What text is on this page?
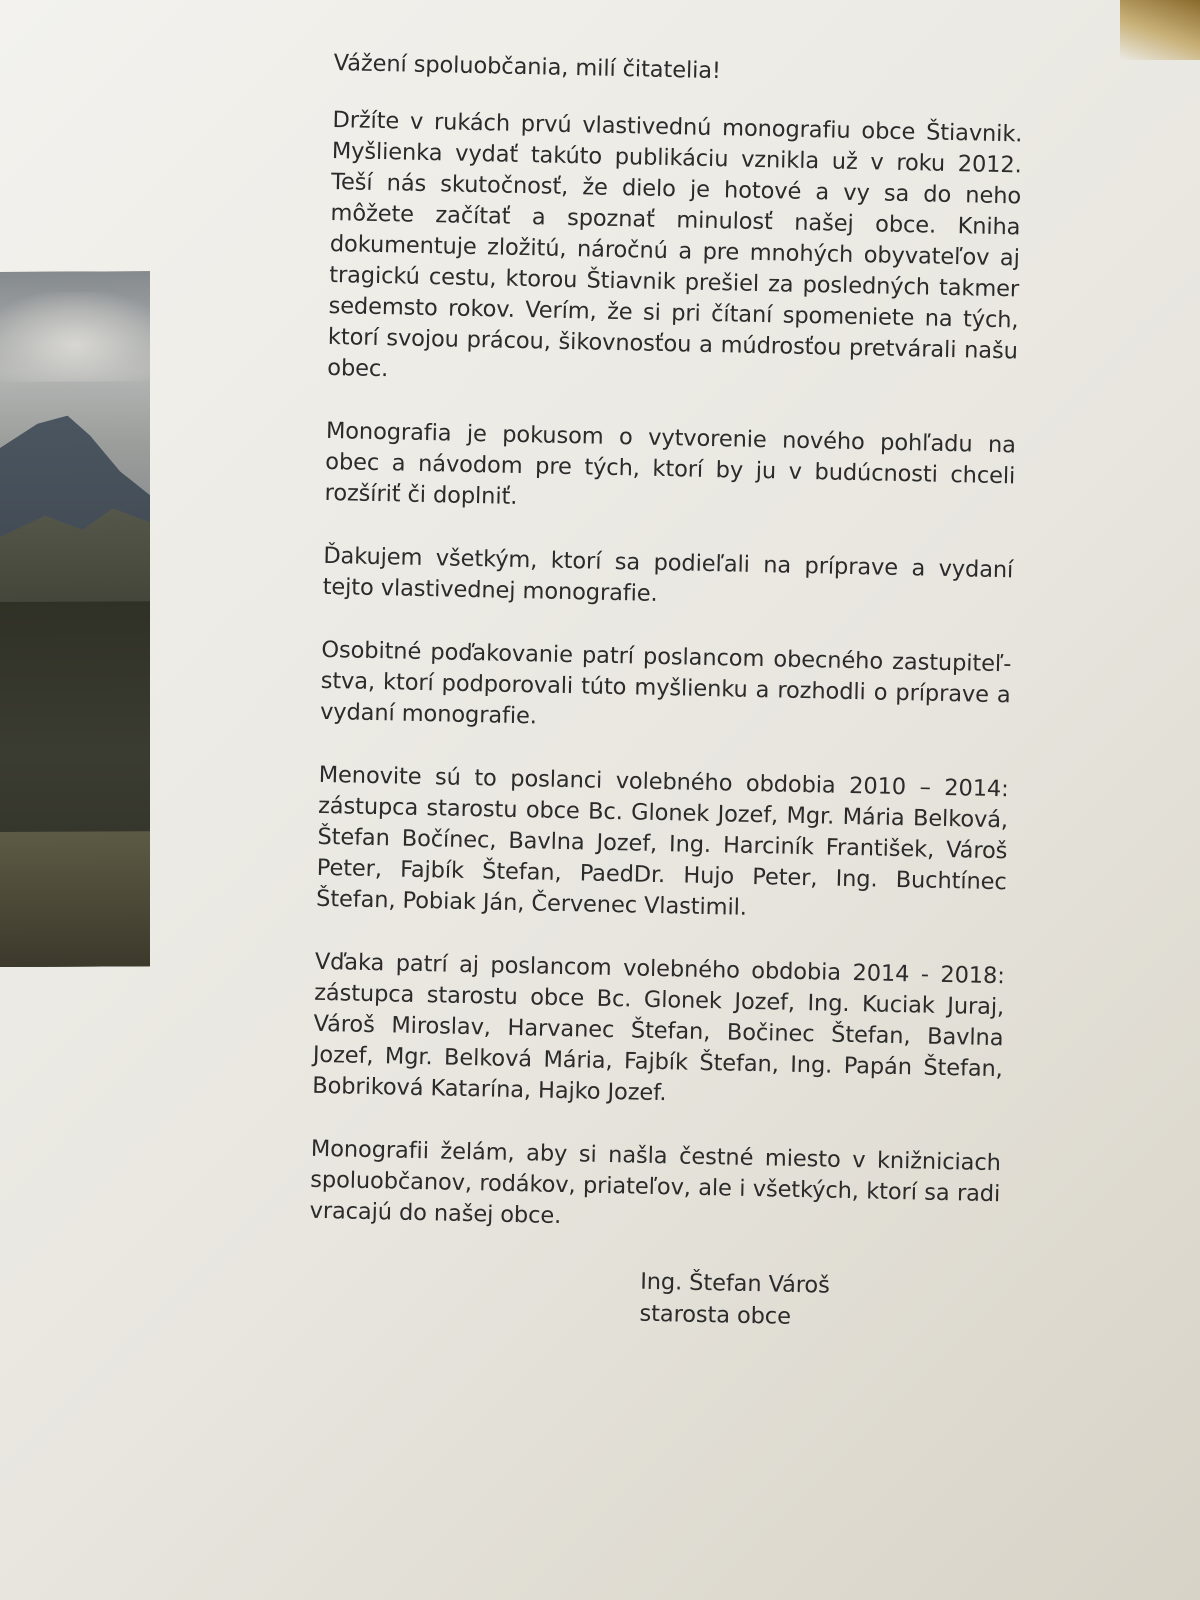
Vážení spoluobčania, milí čitatelia!

Držíte v rukách prvú vlastivednú monografiu obce Štiavnik. Myšlienka vydať takúto publikáciu vznikla už v roku 2012. Teší nás skutočnosť, že dielo je hotové a vy sa do neho môžete začítať a spoznať minulosť našej obce. Kniha dokumentuje zložitú, náročnú a pre mnohých obyvateľov aj tragickú cestu, ktorou Štiavnik prešiel za posledných takmer sedemsto rokov. Verím, že si pri čítaní spomeniete na tých, ktorí svojou prácou, šikovnosťou a múdrosťou pretvárali našu obec.

Monografia je pokusom o vytvorenie nového pohľadu na obec a návodom pre tých, ktorí by ju v budúcnosti chceli rozšíriť či doplniť.

Ďakujem všetkým, ktorí sa podieľali na príprave a vydaní tejto vlastivednej monografie.

Osobitné poďakovanie patrí poslancom obecného zastupiteľ-stva, ktorí podporovali túto myšlienku a rozhodli o príprave a vydaní monografie.

Menovite sú to poslanci volebného obdobia 2010 – 2014: zástupca starostu obce Bc. Glonek Jozef, Mgr. Mária Belková, Štefan Bočínec, Bavlna Jozef, Ing. Harciník František, Vároš Peter, Fajbík Štefan, PaedDr. Hujo Peter, Ing. Buchtínec Štefan, Pobiak Ján, Červenec Vlastimil.

Vďaka patrí aj poslancom volebného obdobia 2014 - 2018: zástupca starostu obce Bc. Glonek Jozef, Ing. Kuciak Juraj, Vároš Miroslav, Harvanec Štefan, Bočinec Štefan, Bavlna Jozef, Mgr. Belková Mária, Fajbík Štefan, Ing. Papán Štefan, Bobriková Katarína, Hajko Jozef.

Monografii želám, aby si našla čestné miesto v knižniciach spoluobčanov, rodákov, priateľov, ale i všetkých, ktorí sa radi vracajú do našej obce.

Ing. Štefan Vároš
starosta obce
